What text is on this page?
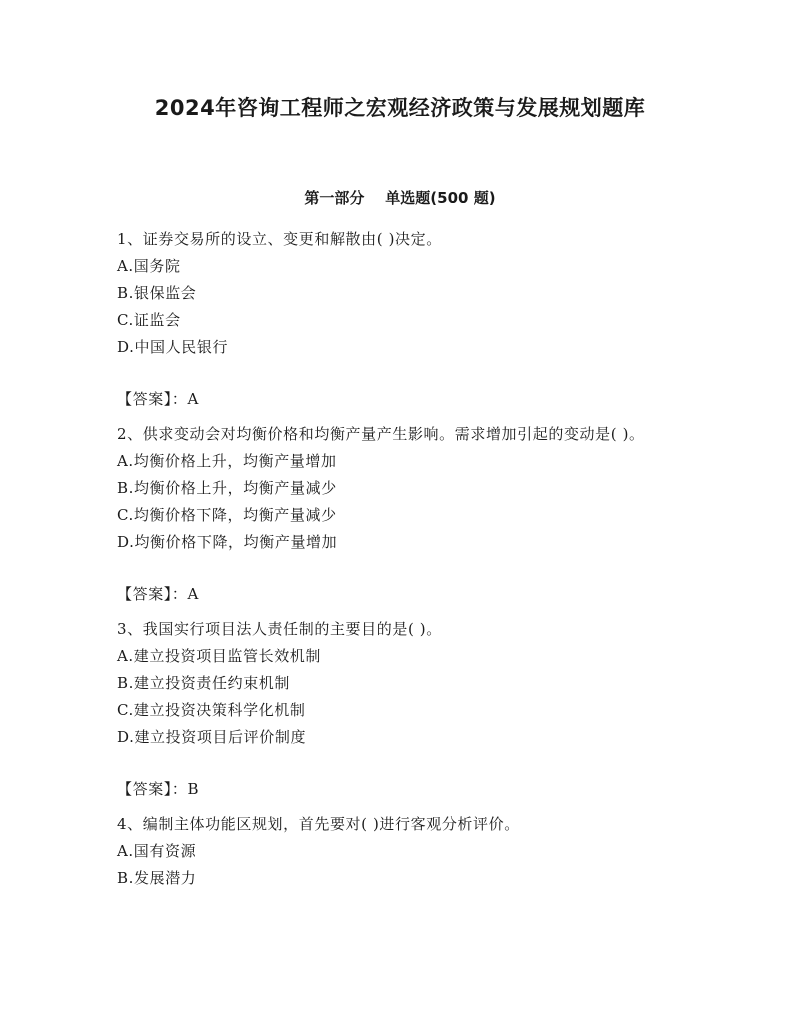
2024年咨询工程师之宏观经济政策与发展规划题库
第一部分    单选题(500 题)
1、证券交易所的设立、变更和解散由( )决定。
A.国务院
B.银保监会
C.证监会
D.中国人民银行
【答案】：A
2、供求变动会对均衡价格和均衡产量产生影响。需求增加引起的变动是( )。
A.均衡价格上升，均衡产量增加
B.均衡价格上升，均衡产量减少
C.均衡价格下降，均衡产量减少
D.均衡价格下降，均衡产量增加
【答案】：A
3、我国实行项目法人责任制的主要目的是( )。
A.建立投资项目监管长效机制
B.建立投资责任约束机制
C.建立投资决策科学化机制
D.建立投资项目后评价制度
【答案】：B
4、编制主体功能区规划，首先要对( )进行客观分析评价。
A.国有资源
B.发展潜力
